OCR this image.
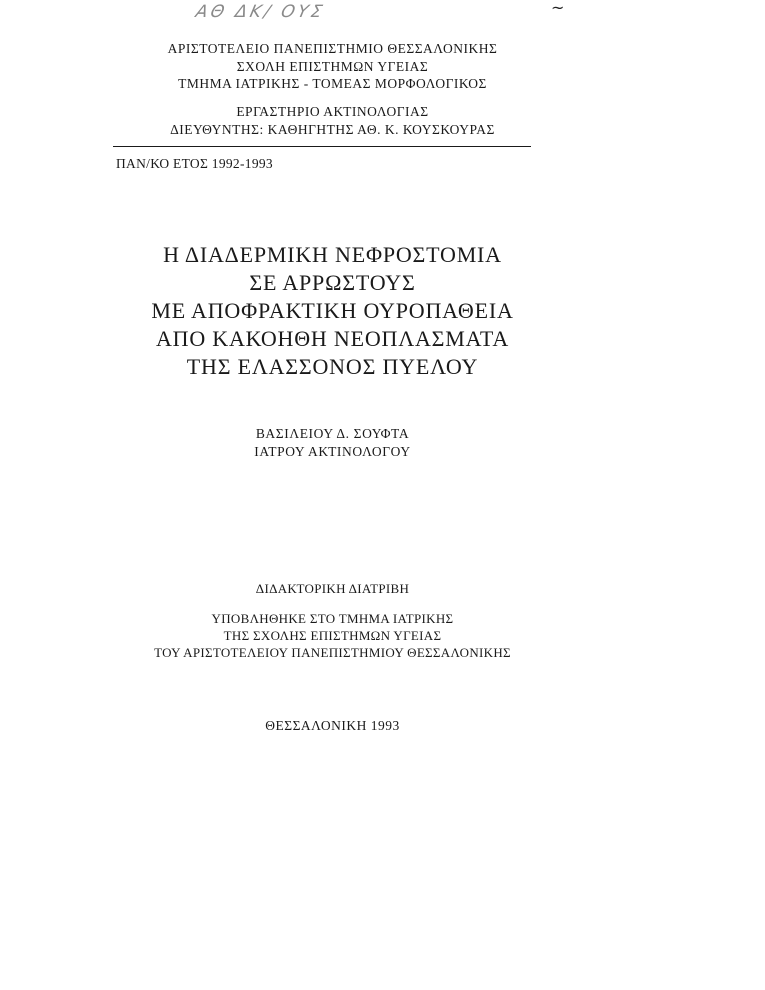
ΑΘ ΔΚ/ ΟΥΣ	~
ΑΡΙΣΤΟΤΕΛΕΙΟ ΠΑΝΕΠΙΣΤΗΜΙΟ ΘΕΣΣΑΛΟΝΙΚΗΣ
ΣΧΟΛΗ ΕΠΙΣΤΗΜΩΝ ΥΓΕΙΑΣ
ΤΜΗΜΑ ΙΑΤΡΙΚΗΣ - ΤΟΜΕΑΣ ΜΟΡΦΟΛΟΓΙΚΟΣ
ΕΡΓΑΣΤΗΡΙΟ ΑΚΤΙΝΟΛΟΓΙΑΣ
ΔΙΕΥΘΥΝΤΗΣ: ΚΑΘΗΓΗΤΗΣ ΑΘ. Κ. ΚΟΥΣΚΟΥΡΑΣ
ΠΑΝ/ΚΟ ΕΤΟΣ 1992-1993
Η ΔΙΑΔΕΡΜΙΚΗ ΝΕΦΡΟΣΤΟΜΙΑ
ΣΕ ΑΡΡΩΣΤΟΥΣ
ΜΕ ΑΠΟΦΡΑΚΤΙΚΗ ΟΥΡΟΠΑΘΕΙΑ
ΑΠΟ ΚΑΚΟΗΘΗ ΝΕΟΠΛΑΣΜΑΤΑ
ΤΗΣ ΕΛΑΣΣΟΝΟΣ ΠΥΕΛΟΥ
ΒΑΣΙΛΕΙΟΥ Δ. ΣΟΥΦΤΑ
ΙΑΤΡΟΥ ΑΚΤΙΝΟΛΟΓΟΥ
ΔΙΔΑΚΤΟΡΙΚΗ ΔΙΑΤΡΙΒΗ
ΥΠΟΒΛΗΘΗΚΕ ΣΤΟ ΤΜΗΜΑ ΙΑΤΡΙΚΗΣ
ΤΗΣ ΣΧΟΛΗΣ ΕΠΙΣΤΗΜΩΝ ΥΓΕΙΑΣ
ΤΟΥ ΑΡΙΣΤΟΤΕΛΕΙΟΥ ΠΑΝΕΠΙΣΤΗΜΙΟΥ ΘΕΣΣΑΛΟΝΙΚΗΣ
ΘΕΣΣΑΛΟΝΙΚΗ 1993
